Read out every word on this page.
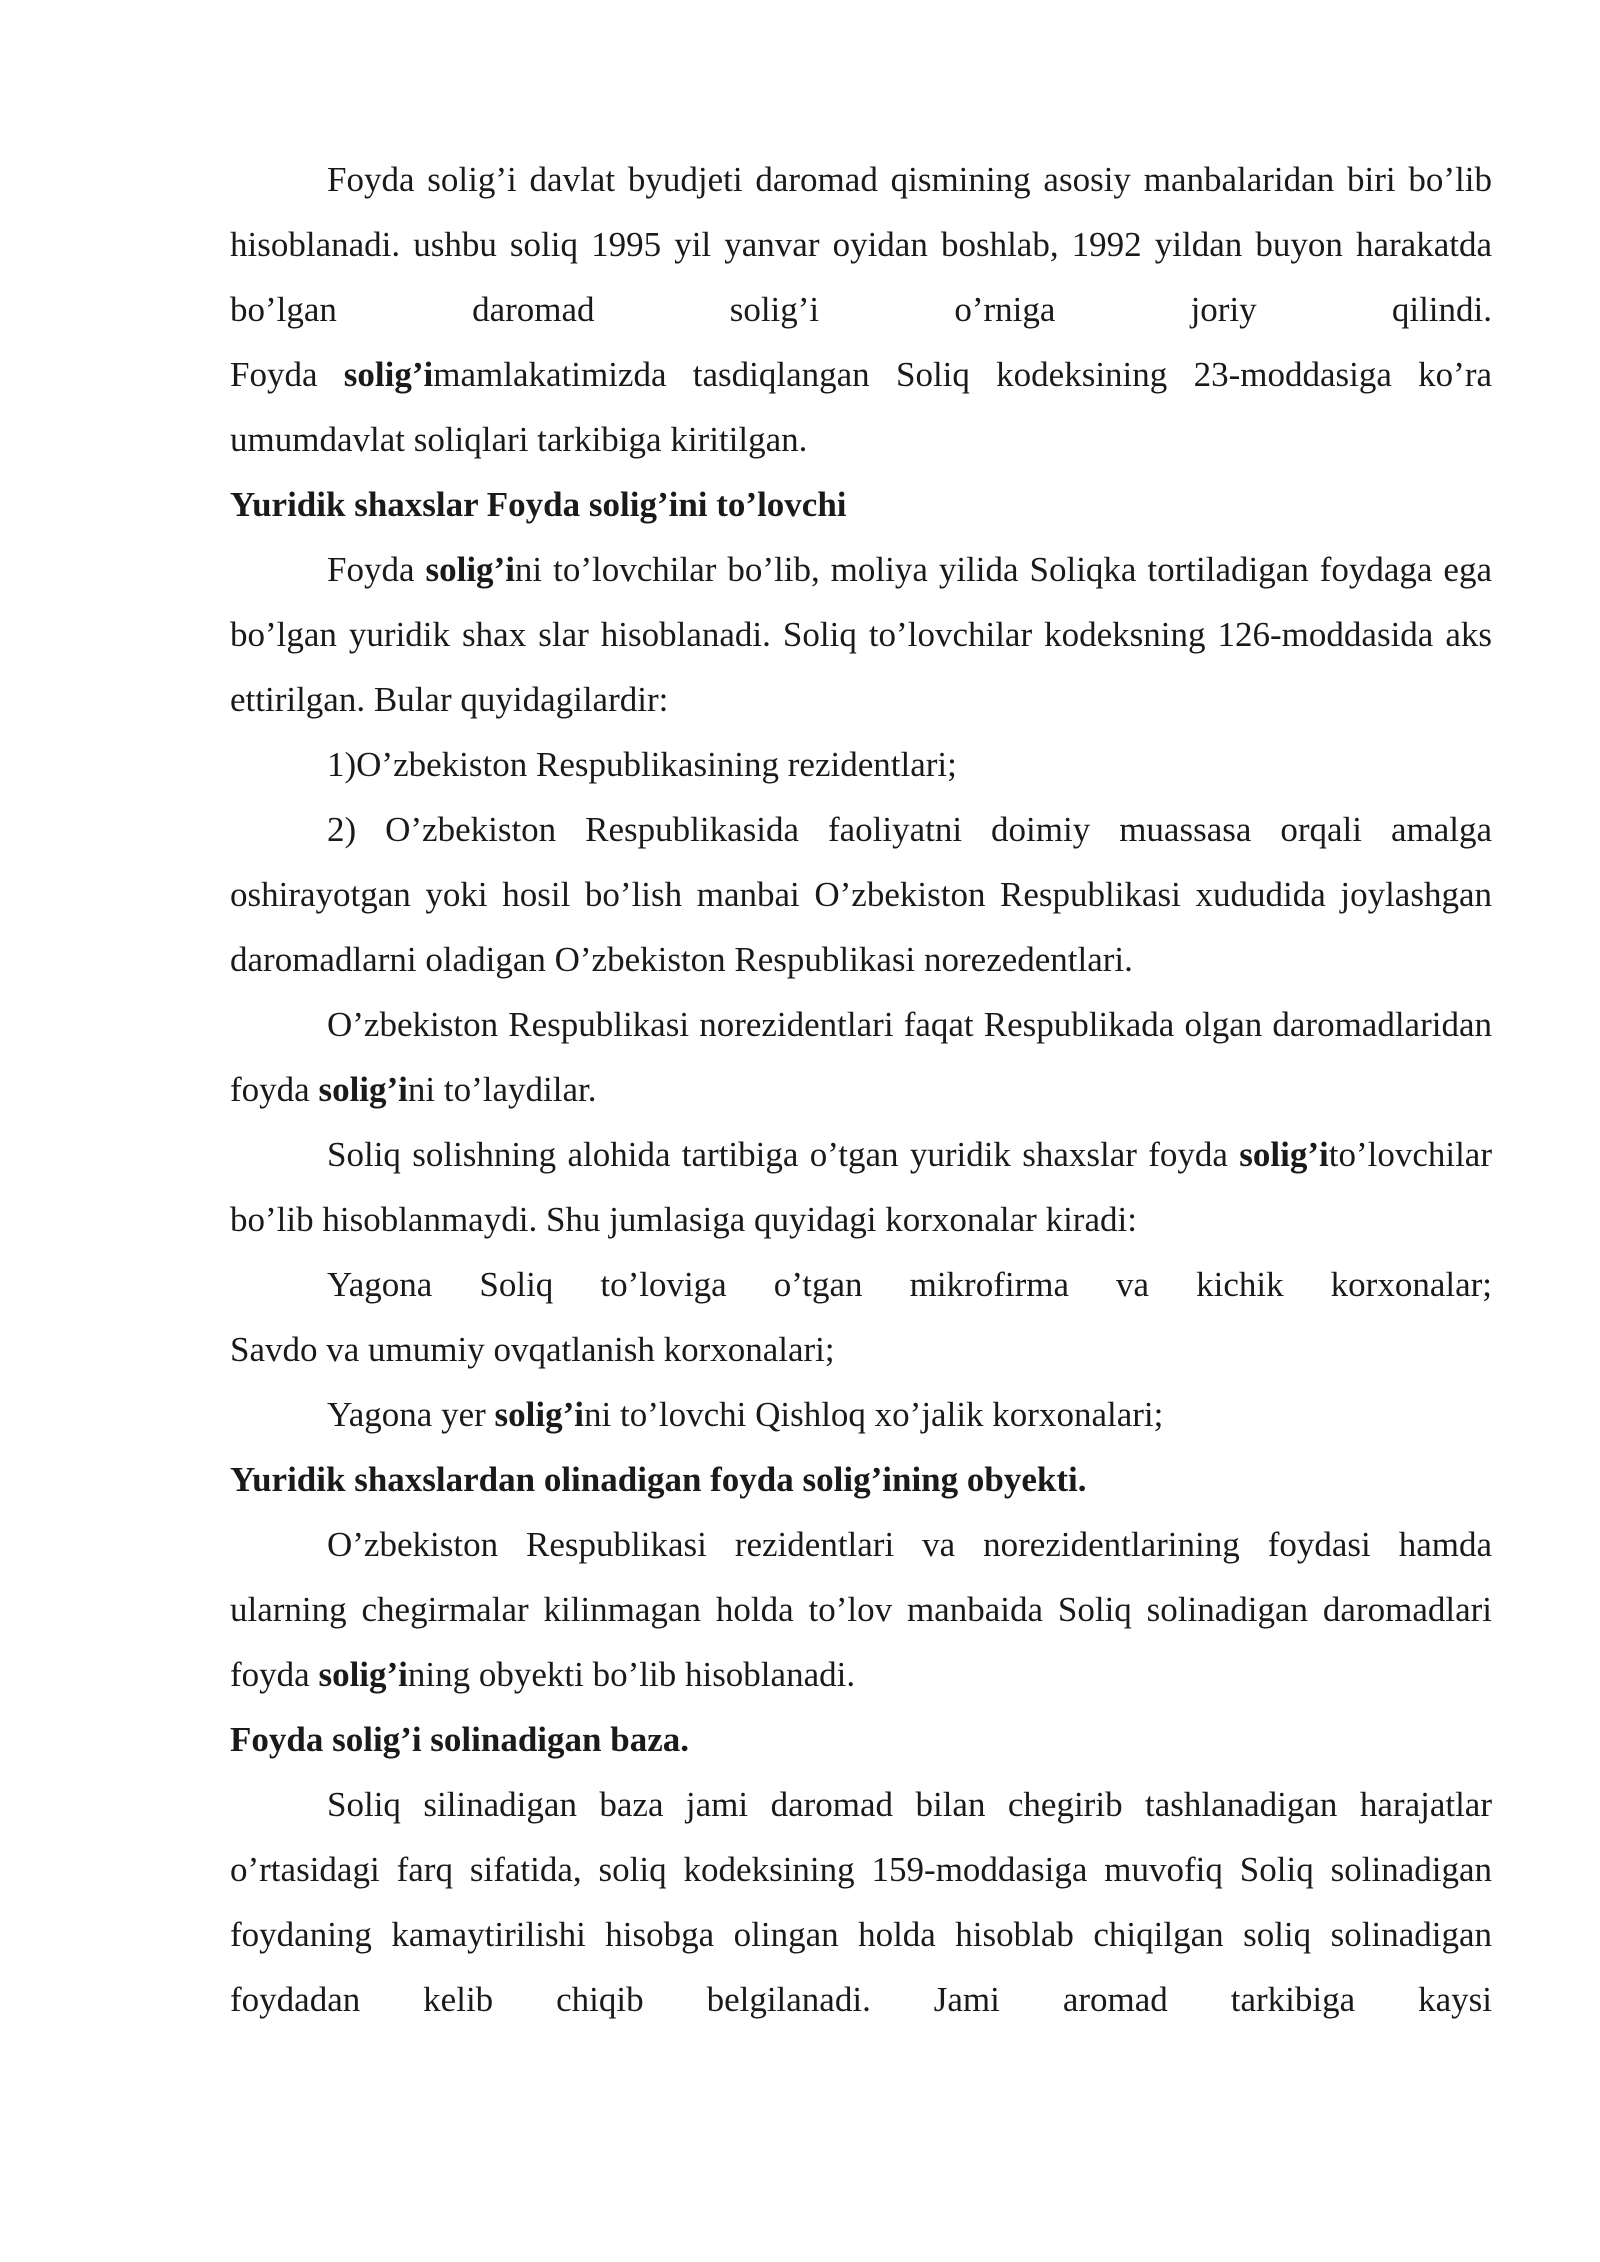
Foyda solig’i davlat byudjeti daromad qismining asosiy manbalaridan biri bo’lib hisoblanadi. ushbu soliq 1995 yil yanvar oyidan boshlab, 1992 yildan buyon harakatda bo’lgan daromad solig’i o’rniga joriy qilindi.

Foyda solig’imamlakatimizda tasdiqlangan Soliq kodeksining 23-moddasiga ko’ra umumdavlat soliqlari tarkibiga kiritilgan.

Yuridik shaxslar Foyda solig’ini to’lovchi

Foyda solig’ini to’lovchilar bo’lib, moliya yilida Soliqka tortiladigan foydaga ega bo’lgan yuridik shax slar hisoblanadi. Soliq to’lovchilar kodeksning 126-moddasida aks ettirilgan. Bular quyidagilardir:

1)O’zbekiston Respublikasining rezidentlari;

2) O’zbekiston Respublikasida faoliyatni doimiy muassasa orqali amalga oshirayotgan yoki hosil bo’lish manbai O’zbekiston Respublikasi xududida joylashgan daromadlarni oladigan O’zbekiston Respublikasi norezedentlari.

O’zbekiston Respublikasi norezidentlari faqat Respublikada olgan daromadlaridan foyda solig’ini to’laydilar.

Soliq solishning alohida tartibiga o’tgan yuridik shaxslar foyda solig’ito’lovchilar bo’lib hisoblanmaydi. Shu jumlasiga quyidagi korxonalar kiradi:

Yagona Soliq to’loviga o’tgan mikrofirma va kichik korxonalar;

Savdo va umumiy ovqatlanish korxonalari;

Yagona yer solig’ini to’lovchi Qishloq xo’jalik korxonalari;

Yuridik shaxslardan olinadigan foyda solig’ining obyekti.

O’zbekiston Respublikasi rezidentlari va norezidentlarining foydasi hamda ularning chegirmalar kilinmagan holda to’lov manbaida Soliq solinadigan daromadlari foyda solig’ining obyekti bo’lib hisoblanadi.

Foyda solig’i solinadigan baza.

Soliq silinadigan baza jami daromad bilan chegirib tashlanadigan harajatlar o’rtasidagi farq sifatida, soliq kodeksining 159-moddasiga muvofiq Soliq solinadigan foydaning kamaytirilishi hisobga olingan holda hisoblab chiqilgan soliq solinadigan foydadan kelib chiqib belgilanadi. Jami aromad tarkibiga kaysi
